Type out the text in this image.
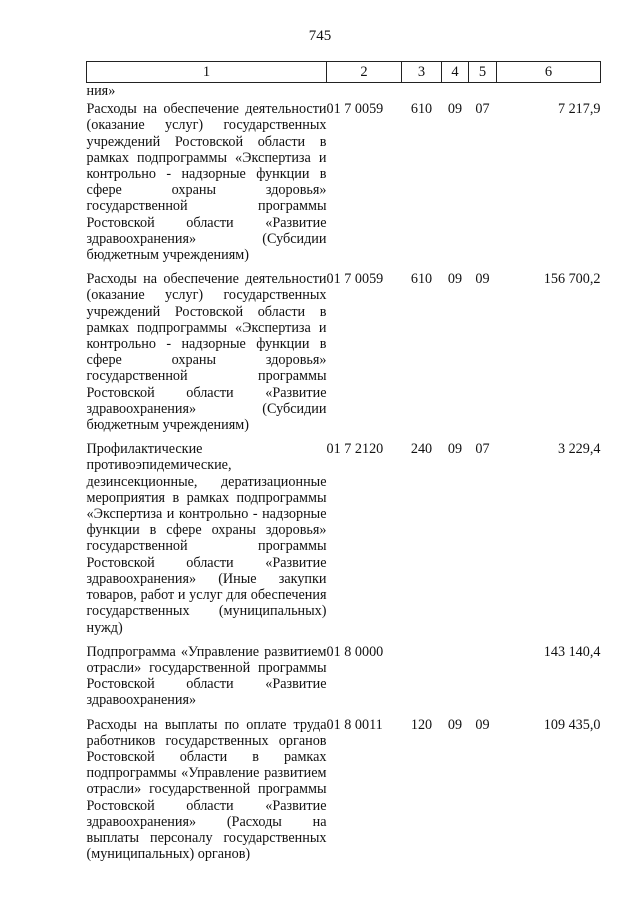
745
1	2	3	4	5	6
ния»					
Расходы на обеспечение деятельности (оказание услуг) государственных учреждений Ростовской области в рамках подпрограммы «Экспертиза и контрольно - надзорные функции в сфере охраны здоровья» государственной программы Ростовской области «Развитие здравоохранения» (Субсидии бюджетным учреждениям)	01 7 0059	610	09	07	7 217,9
Расходы на обеспечение деятельности (оказание услуг) государственных учреждений Ростовской области в рамках подпрограммы «Экспертиза и контрольно - надзорные функции в сфере охраны здоровья» государственной программы Ростовской области «Развитие здравоохранения» (Субсидии бюджетным учреждениям)	01 7 0059	610	09	09	156 700,2
Профилактические противоэпидемические, дезинсекционные, дератизационные мероприятия в рамках подпрограммы «Экспертиза и контрольно - надзорные функции в сфере охраны здоровья» государственной программы Ростовской области «Развитие здравоохранения» (Иные закупки товаров, работ и услуг для обеспечения государственных (муниципальных) нужд)	01 7 2120	240	09	07	3 229,4
Подпрограмма «Управление развитием отрасли» государственной программы Ростовской области «Развитие здравоохранения»	01 8 0000				143 140,4
Расходы на выплаты по оплате труда работников государственных органов Ростовской области в рамках подпрограммы «Управление развитием отрасли» государственной программы Ростовской области «Развитие здравоохранения» (Расходы на выплаты персоналу государственных (муниципальных) органов)	01 8 0011	120	09	09	109 435,0
